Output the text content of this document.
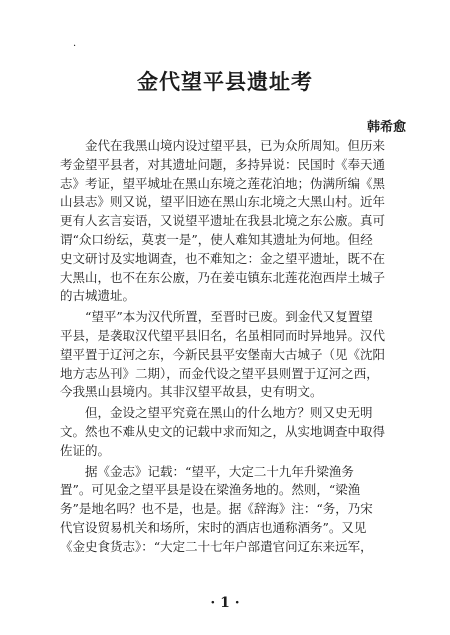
·
金代望平县遗址考
韩希愈
金代在我黑山境内设过望平县，已为众所周知。但历来
考金望平县者，对其遗址问题，多持异说：民国时《奉天通
志》考证，望平城址在黑山东境之莲花泊地；伪满所编《黑
山县志》则又说，望平旧迹在黑山东北境之大黑山村。近年
更有人玄言妄语，又说望平遗址在我县北境之东公廒。真可
谓“众口纷纭，莫衷一是”，使人难知其遗址为何地。但经
史文研讨及实地调查，也不难知之：金之望平遗址，既不在
大黑山，也不在东公廒，乃在姜屯镇东北莲花泡西岸土城子
的古城遗址。
“望平”本为汉代所置，至晋时已废。到金代又复置望
平县，是袭取汉代望平县旧名，名虽相同而时异地异。汉代
望平置于辽河之东，今新民县平安堡南大古城子（见《沈阳
地方志丛刊》二期），而金代设之望平县则置于辽河之西，
今我黑山县境内。其非汉望平故县，史有明文。
但，金设之望平究竟在黑山的什么地方？则又史无明
文。然也不难从史文的记载中求而知之，从实地调查中取得
佐证的。
据《金志》记载：“望平，大定二十九年升梁渔务
置”。可见金之望平县是设在梁渔务地的。然则，“梁渔
务”是地名吗？也不是，也是。据《辞海》注：“务，乃宋
代官设贸易机关和场所，宋时的酒店也通称酒务”。又见
《金史食货志》：“大定二十七年户部遣官问辽东来远军，
· 1 ·
